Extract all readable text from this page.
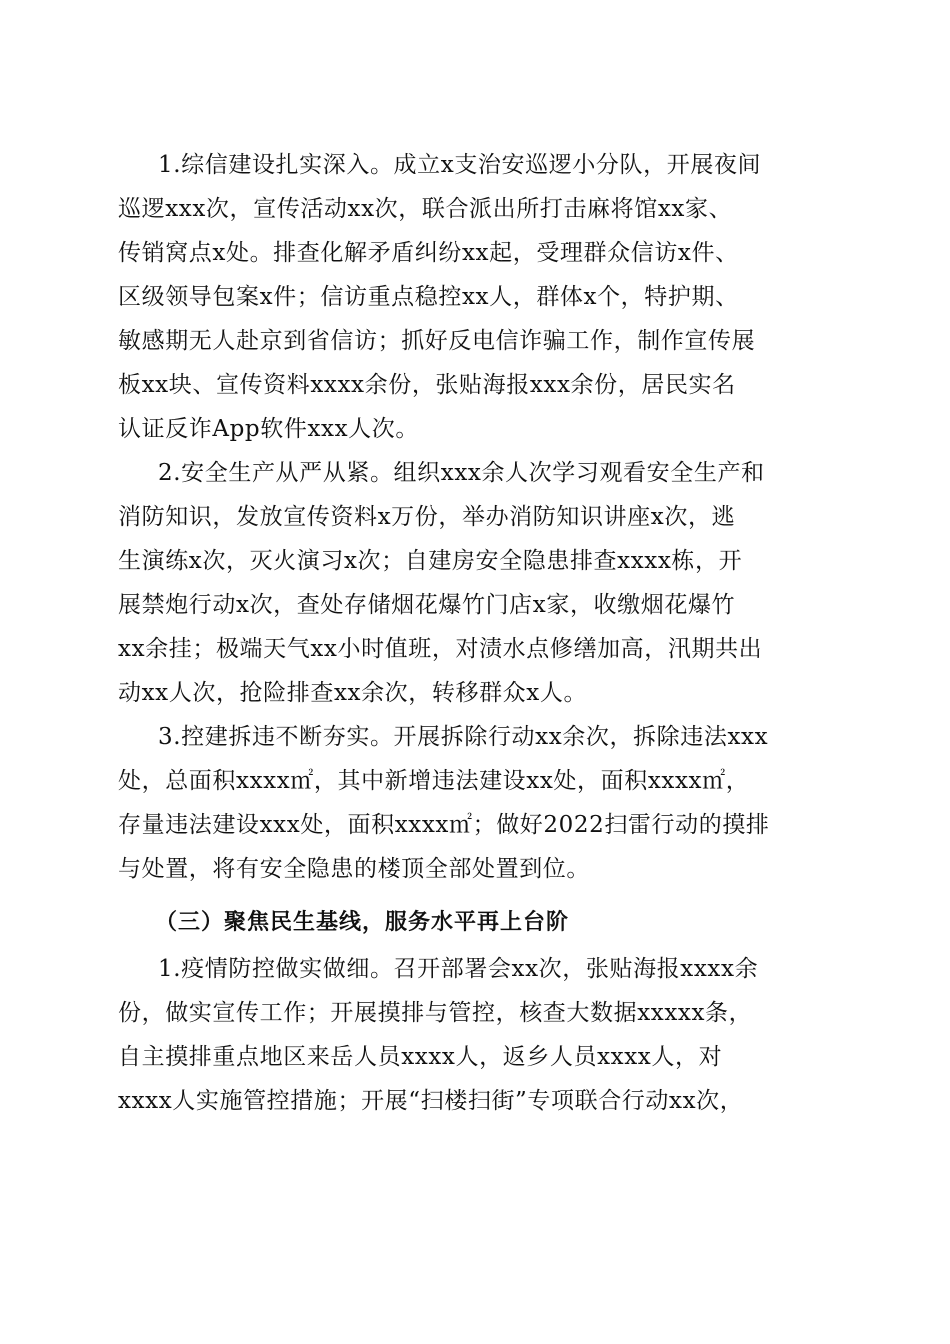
1.综信建设扎实深入。成立x支治安巡逻小分队，开展夜间
巡逻xxx次，宣传活动xx次，联合派出所打击麻将馆xx家、
传销窝点x处。排查化解矛盾纠纷xx起，受理群众信访x件、
区级领导包案x件；信访重点稳控xx人，群体x个，特护期、
敏感期无人赴京到省信访；抓好反电信诈骗工作，制作宣传展
板xx块、宣传资料xxxx余份，张贴海报xxx余份，居民实名
认证反诈App软件xxx人次。
2.安全生产从严从紧。组织xxx余人次学习观看安全生产和
消防知识，发放宣传资料x万份，举办消防知识讲座x次，逃
生演练x次，灭火演习x次；自建房安全隐患排查xxxx栋，开
展禁炮行动x次，查处存储烟花爆竹门店x家，收缴烟花爆竹
xx余挂；极端天气xx小时值班，对渍水点修缮加高，汛期共出
动xx人次，抢险排查xx余次，转移群众x人。
3.控建拆违不断夯实。开展拆除行动xx余次，拆除违法xxx
处，总面积xxxx㎡，其中新增违法建设xx处，面积xxxx㎡，
存量违法建设xxx处，面积xxxx㎡；做好2022扫雷行动的摸排
与处置，将有安全隐患的楼顶全部处置到位。
（三）聚焦民生基线，服务水平再上台阶
1.疫情防控做实做细。召开部署会xx次，张贴海报xxxx余
份，做实宣传工作；开展摸排与管控，核查大数据xxxxx条，
自主摸排重点地区来岳人员xxxx人，返乡人员xxxx人，对
xxxx人实施管控措施；开展“扫楼扫街”专项联合行动xx次，
